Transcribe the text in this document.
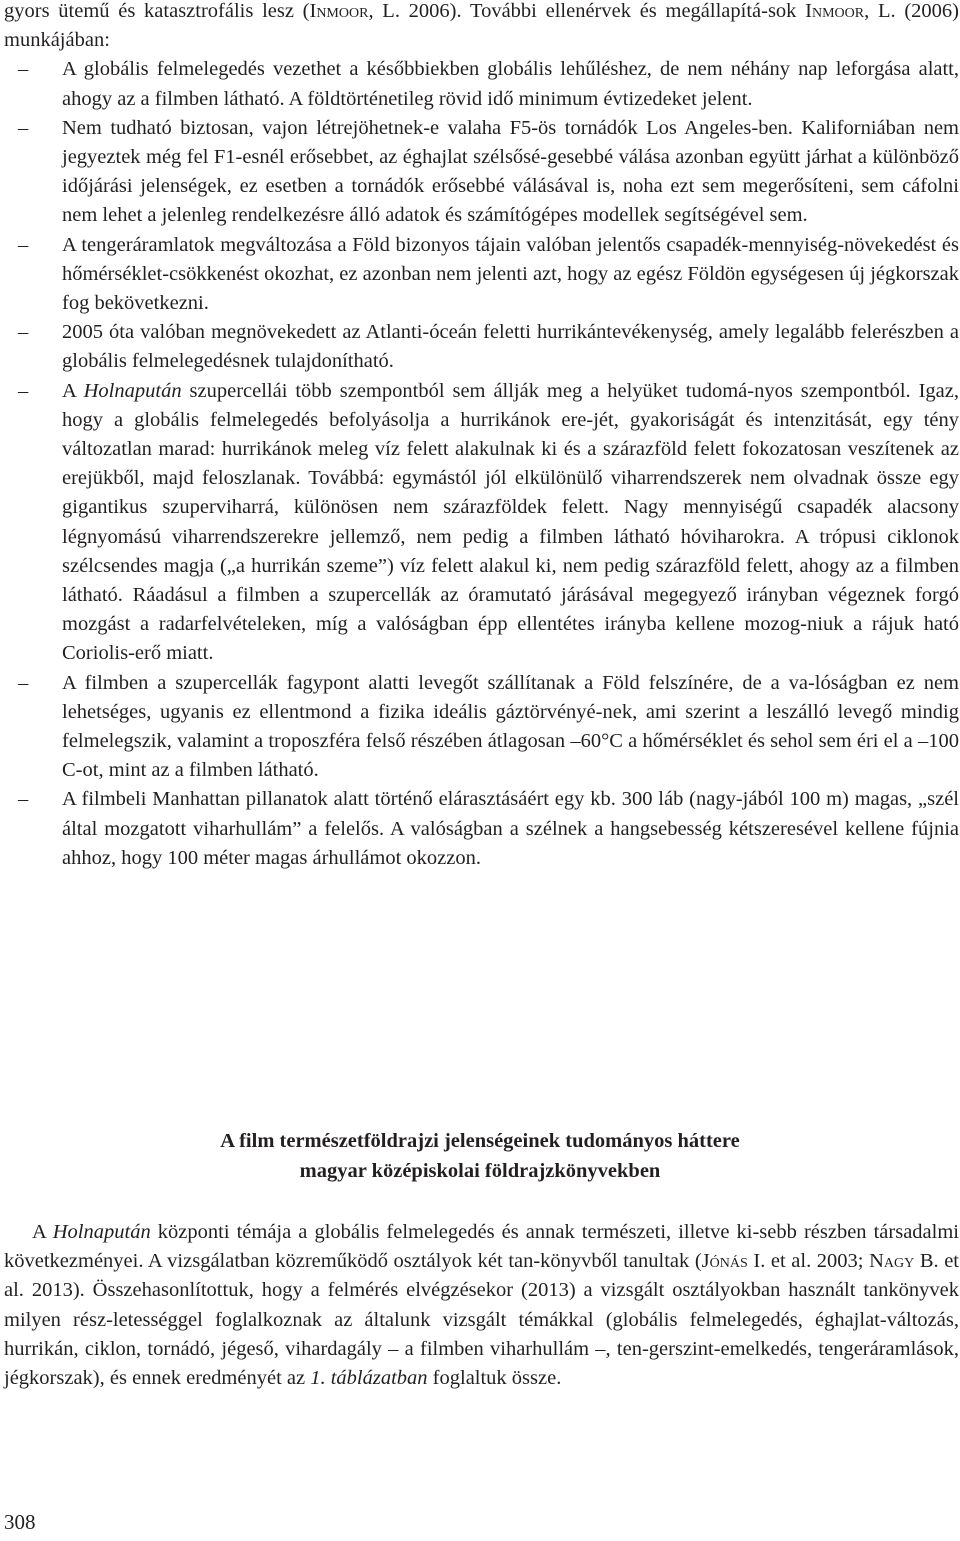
gyors ütemű és katasztrofális lesz (Inmoor, L. 2006). További ellenérvek és megállapítá-sok Inmoor, L. (2006) munkájában:

– A globális felmelegedés vezethet a későbbiekben globális lehűléshez, de nem néhány nap leforgása alatt, ahogy az a filmben látható. A földtörténetileg rövid idő minimum évtizedeket jelent.
– Nem tudható biztosan, vajon létrejöhetnek-e valaha F5-ös tornádók Los Angeles-ben. Kaliforniában nem jegyeztek még fel F1-esnél erősebbet, az éghajlat szélsősé-gesebbé válása azonban együtt járhat a különböző időjárási jelenségek, ez esetben a tornádók erősebbé válásával is, noha ezt sem megerősíteni, sem cáfolni nem lehet a jelenleg rendelkezésre álló adatok és számítógépes modellek segítségével sem.
– A tengeráramlatok megváltozása a Föld bizonyos tájain valóban jelentős csapadék-mennyiség-növekedést és hőmérséklet-csökkenést okozhat, ez azonban nem jelenti azt, hogy az egész Földön egységesen új jégkorszak fog bekövetkezni.
– 2005 óta valóban megnövekedett az Atlanti-óceán feletti hurrikántevékenység, amely legalább felerészben a globális felmelegedésnek tulajdonítható.
– A Holnapután szupercellái több szempontból sem állják meg a helyüket tudomá-nyos szempontból. Igaz, hogy a globális felmelegedés befolyásolja a hurrikánok ere-jét, gyakoriságát és intenzitását, egy tény változatlan marad: hurrikánok meleg víz felett alakulnak ki és a szárazföld felett fokozatosan veszítenek az erejükből, majd feloszlanak. Továbbá: egymástól jól elkülönülő viharrendszerek nem olvadnak össze egy gigantikus szuperviharrá, különösen nem szárazföldek felett. Nagy mennyiségű csapadék alacsony légnyomású viharrendszerekre jellemző, nem pedig a filmben látható hóviharokra. A trópusi ciklonok szélcsendes magja („a hurrikán szeme”) víz felett alakul ki, nem pedig szárazföld felett, ahogy az a filmben látható. Ráadásul a filmben a szupercellák az óramutató járásával megegyező irányban végeznek forgó mozgást a radarfelvételeken, míg a valóságban épp ellentétes irányba kellene mozog-niuk a rájuk ható Coriolis-erő miatt.
– A filmben a szupercellák fagypont alatti levegőt szállítanak a Föld felszínére, de a va-lóságban ez nem lehetséges, ugyanis ez ellentmond a fizika ideális gáztörvényé-nek, ami szerint a leszálló levegő mindig felmelegszik, valamint a troposzféra felső részében átlagosan –60°C a hőmérséklet és sehol sem éri el a –100 C-ot, mint az a filmben látható.
– A filmbeli Manhattan pillanatok alatt történő elárasztásáért egy kb. 300 láb (nagy-jából 100 m) magas, „szél által mozgatott viharhullám” a felelős. A valóságban a szélnek a hangsebesség kétszeresével kellene fújnia ahhoz, hogy 100 méter magas árhullámot okozzon.
A film természetföldrajzi jelenségeinek tudományos háttere
magyar középiskolai földrajzkönyvekben

A Holnapután központi témája a globális felmelegedés és annak természeti, illetve ki-sebb részben társadalmi következményei. A vizsgálatban közreműködő osztályok két tan-könyvből tanultak (Jónás I. et al. 2003; Nagy B. et al. 2013). Összehasonlítottuk, hogy a felmérés elvégzésekor (2013) a vizsgált osztályokban használt tankönyvek milyen rész-letességgel foglalkoznak az általunk vizsgált témákkal (globális felmelegedés, éghajlat-változás, hurrikán, ciklon, tornádó, jégeső, vihardagály – a filmben viharhullám –, ten-gerszint-emelkedés, tengeráramlások, jégkorszak), és ennek eredményét az 1. táblázatban foglaltuk össze.

308
